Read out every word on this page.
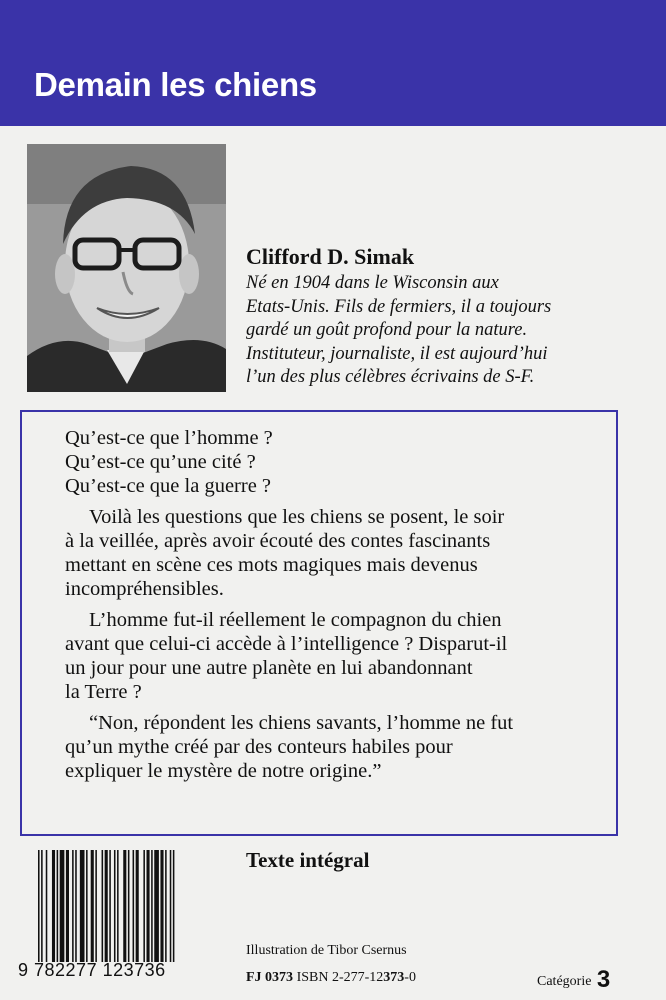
Demain les chiens
Clifford D. Simak
Né en 1904 dans le Wisconsin aux
Etats-Unis. Fils de fermiers, il a toujours
gardé un goût profond pour la nature.
Instituteur, journaliste, il est aujourd’hui
l’un des plus célèbres écrivains de S-F.
Qu’est-ce que l’homme ?
Qu’est-ce qu’une cité ?
Qu’est-ce que la guerre ?
Voilà les questions que les chiens se posent, le soir
à la veillée, après avoir écouté des contes fascinants
mettant en scène ces mots magiques mais devenus
incompréhensibles.
L’homme fut-il réellement le compagnon du chien
avant que celui-ci accède à l’intelligence ? Disparut-il
un jour pour une autre planète en lui abandonnant
la Terre ?
“Non, répondent les chiens savants, l’homme ne fut
qu’un mythe créé par des conteurs habiles pour
expliquer le mystère de notre origine.”
9 782277 123736
Texte intégral
Illustration de Tibor Csernus
FJ 0373 ISBN 2-277-12373-0	Catégorie 3
